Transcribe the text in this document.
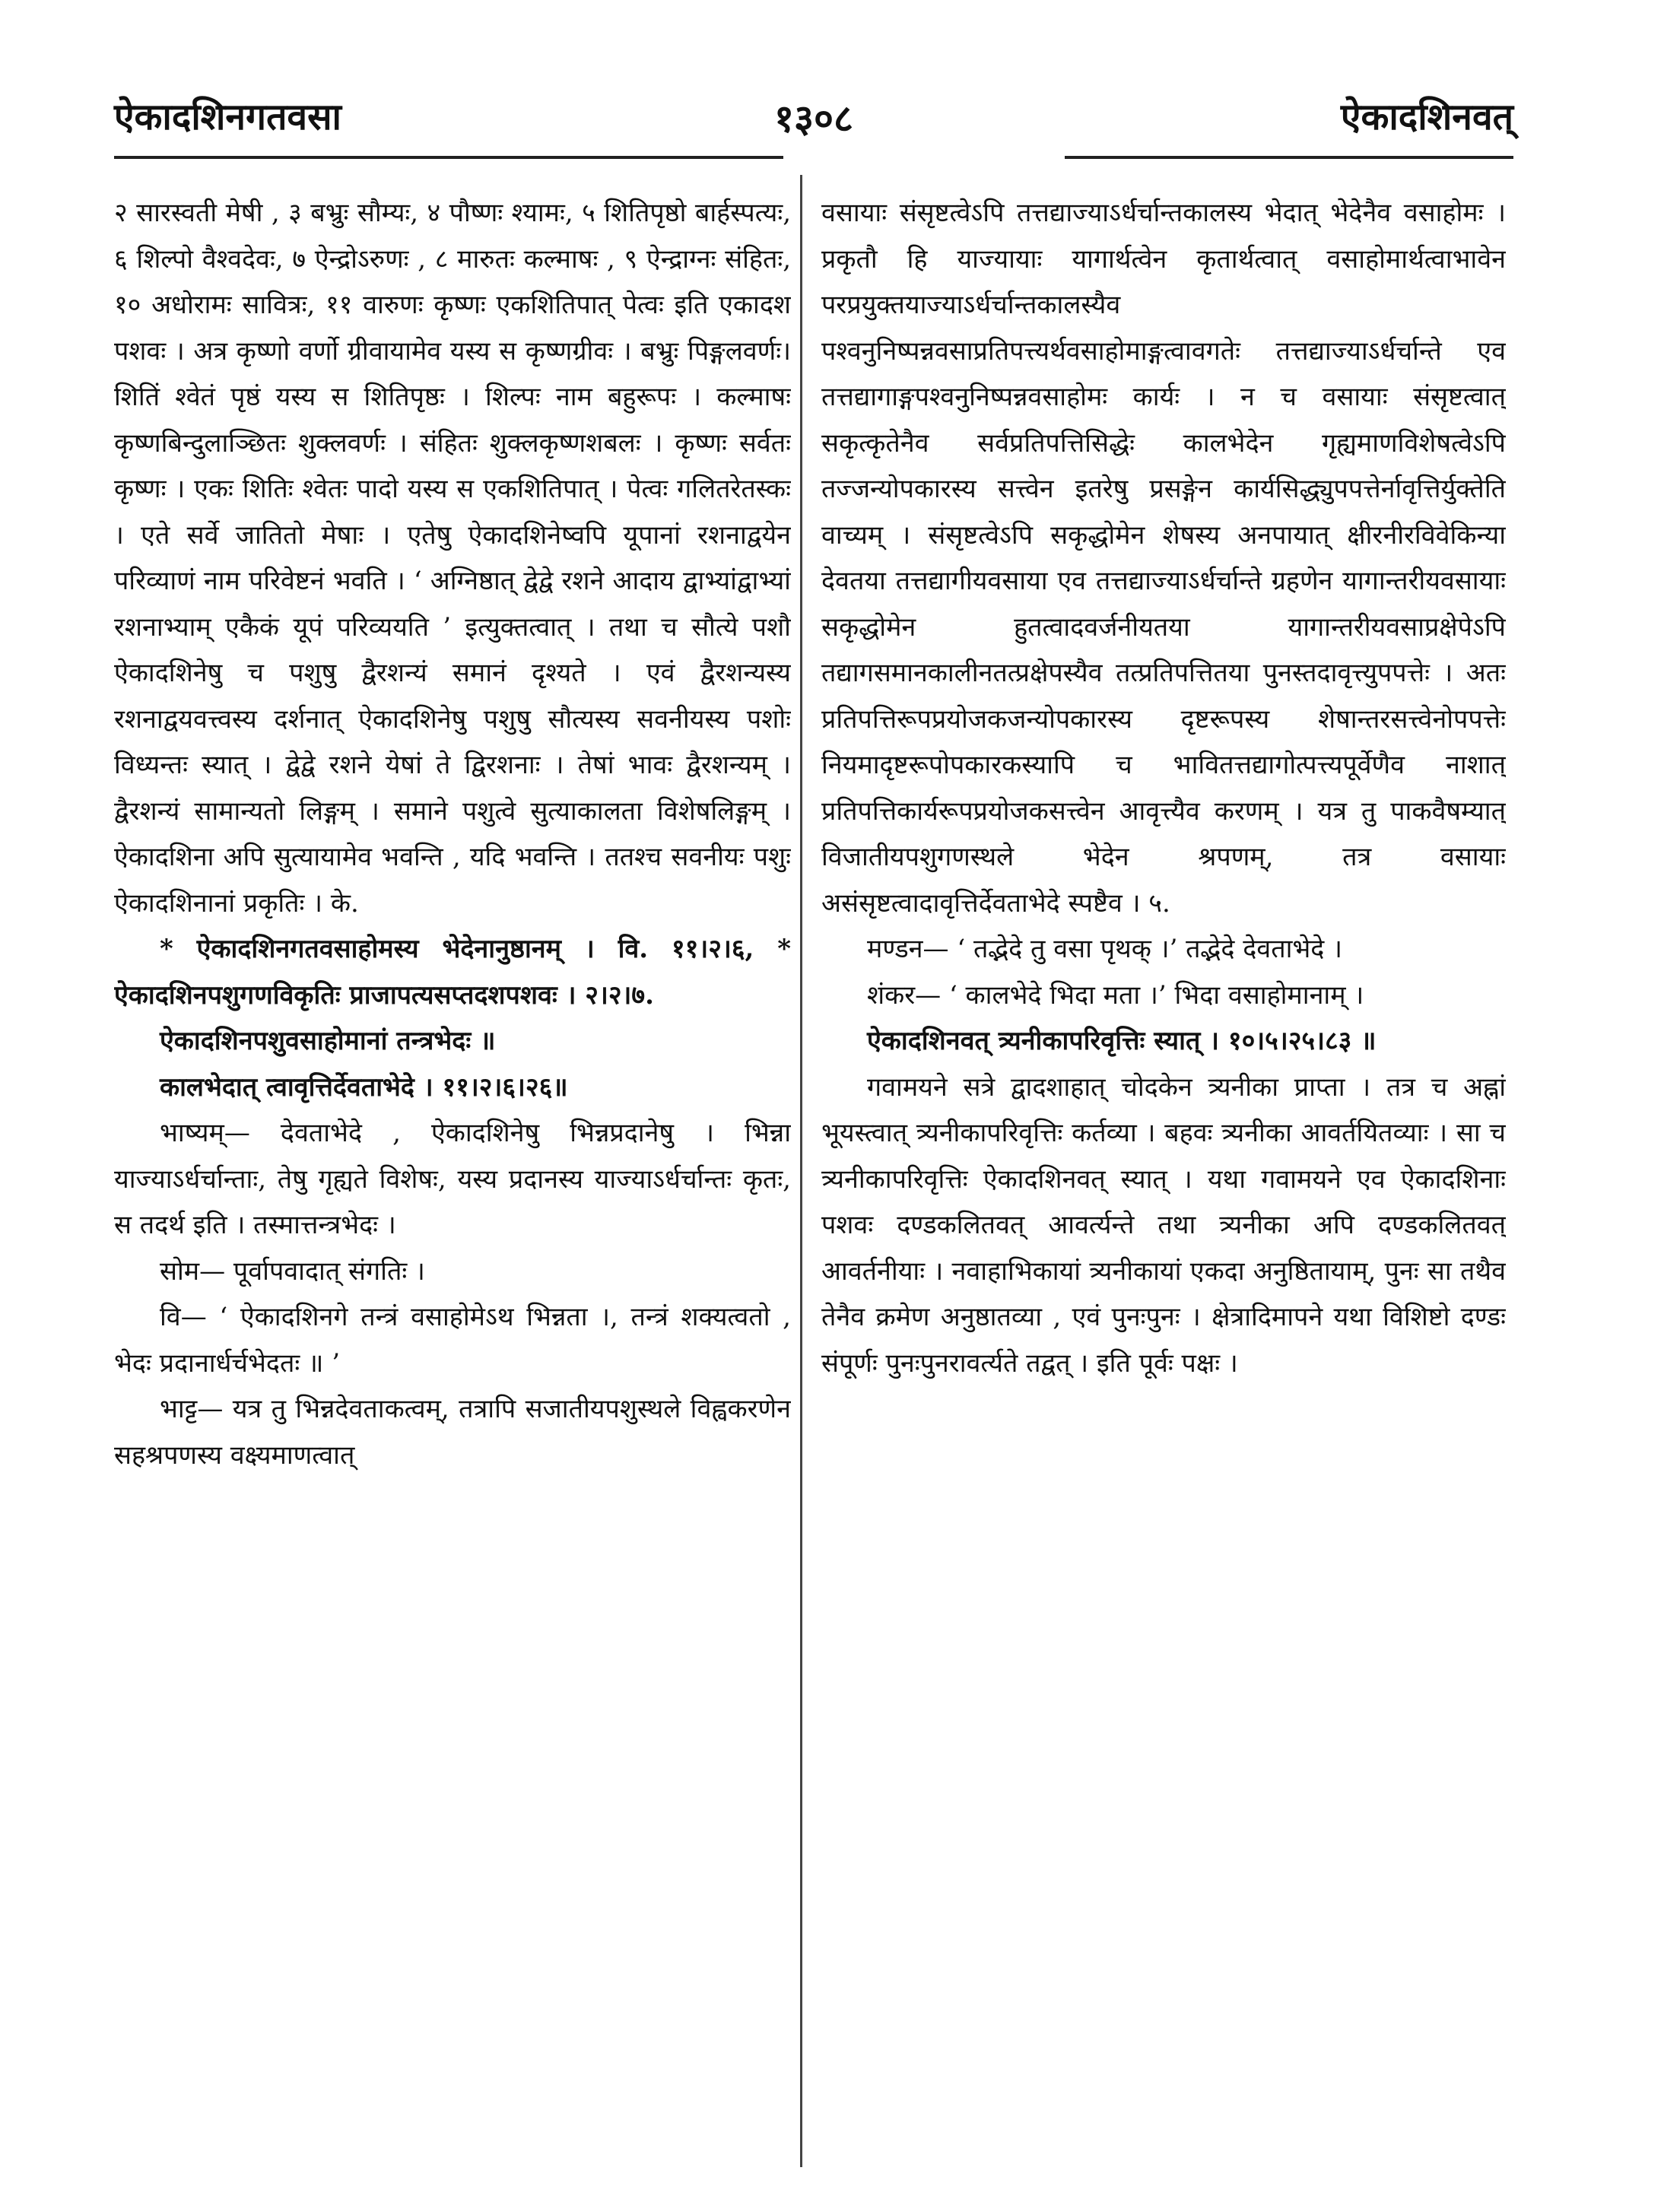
१३०८
ऐकादशिनगतवसा	ऐकादशिनवत्

२ सारस्वती मेषी , ३ बभ्रुः सौम्यः, ४ पौष्णः श्यामः, ५ शितिपृष्ठो बार्हस्पत्यः, ६ शिल्पो वैश्वदेवः, ७ ऐन्द्रोऽरुणः , ८ मारुतः कल्माषः , ९ ऐन्द्राग्नः संहितः, १० अधोरामः सावित्रः, ११ वारुणः कृष्णः एकशितिपात् पेत्वः इति एकादश पशवः । अत्र कृष्णो वर्णो ग्रीवायामेव यस्य स कृष्णग्रीवः । बभ्रुः पिङ्गलवर्णः। शितिं श्वेतं पृष्ठं यस्य स शितिपृष्ठः । शिल्पः नाम बहुरूपः । कल्माषः कृष्णबिन्दुलाञ्छितः शुक्लवर्णः । संहितः शुक्लकृष्णशबलः । कृष्णः सर्वतः कृष्णः । एकः शितिः श्वेतः पादो यस्य स एकशितिपात् । पेत्वः गलितरेतस्कः । एते सर्वे जातितो मेषाः । एतेषु ऐकादशिनेष्वपि यूपानां रशनाद्वयेन परिव्याणं नाम परिवेष्टनं भवति । ‘ अग्निष्ठात् द्वेद्वे रशने आदाय द्वाभ्यांद्वाभ्यां रशनाभ्याम् एकैकं यूपं परिव्ययति ’ इत्युक्तत्वात् । तथा च सौत्ये पशौ ऐकादशिनेषु च पशुषु द्वैरशन्यं समानं दृश्यते । एवं द्वैरशन्यस्य रशनाद्वयवत्त्वस्य दर्शनात् ऐकादशिनेषु पशुषु सौत्यस्य सवनीयस्य पशोः विध्यन्तः स्यात् । द्वेद्वे रशने येषां ते द्विरशनाः । तेषां भावः द्वैरशन्यम् । द्वैरशन्यं सामान्यतो लिङ्गम् । समाने पशुत्वे सुत्याकालता विशेषलिङ्गम् । ऐकादशिना अपि सुत्यायामेव भवन्ति , यदि भवन्ति । ततश्च सवनीयः पशुः ऐकादशिनानां प्रकृतिः । के.

* ऐकादशिनगतवसाहोमस्य भेदेनानुष्ठानम् । वि. ११।२।६, * ऐकादशिनपशुगणविकृतिः प्राजापत्यसप्तदशपशवः । २।२।७.

ऐकादशिनपशुवसाहोमानां तन्त्रभेदः ॥

कालभेदात् त्वावृत्तिर्देवताभेदे । ११।२।६।२६॥

भाष्यम्— देवताभेदे , ऐकादशिनेषु भिन्नप्रदानेषु । भिन्ना याज्याऽर्धर्चान्ताः, तेषु गृह्यते विशेषः, यस्य प्रदानस्य याज्याऽर्धर्चान्तः कृतः, स तदर्थ इति । तस्मात्तन्त्रभेदः ।

सोम— पूर्वापवादात् संगतिः ।

वि— ‘ ऐकादशिनगे तन्त्रं वसाहोमेऽथ भिन्नता ।, तन्त्रं शक्यत्वतो , भेदः प्रदानार्धर्चभेदतः ॥ ’

भाट्ट— यत्र तु भिन्नदेवताकत्वम्, तत्रापि सजातीयपशुस्थले विह्वकरणेन सहश्रपणस्य वक्ष्यमाणत्वात्

वसायाः संसृष्टत्वेऽपि तत्तद्याज्याऽर्धर्चान्तकालस्य भेदात् भेदेनैव वसाहोमः । प्रकृतौ हि याज्यायाः यागार्थत्वेन कृतार्थत्वात् वसाहोमार्थत्वाभावेन परप्रयुक्तयाज्याऽर्धर्चान्तकालस्यैव पश्वनुनिष्पन्नवसाप्रतिपत्त्यर्थवसाहोमाङ्गत्वावगतेः तत्तद्याज्याऽर्धर्चान्ते एव तत्तद्यागाङ्गपश्वनुनिष्पन्नवसाहोमः कार्यः । न च वसायाः संसृष्टत्वात् सकृत्कृतेनैव सर्वप्रतिपत्तिसिद्धेः कालभेदेन गृह्यमाणविशेषत्वेऽपि तज्जन्योपकारस्य सत्त्वेन इतरेषु प्रसङ्गेन कार्यसिद्ध्युपपत्तेर्नावृत्तिर्युक्तेति वाच्यम् । संसृष्टत्वेऽपि सकृद्धोमेन शेषस्य अनपायात् क्षीरनीरविवेकिन्या देवतया तत्तद्यागीयवसाया एव तत्तद्याज्याऽर्धर्चान्ते ग्रहणेन यागान्तरीयवसायाः सकृद्धोमेन हुतत्वादवर्जनीयतया यागान्तरीयवसाप्रक्षेपेऽपि तद्यागसमानकालीनतत्प्रक्षेपस्यैव तत्प्रतिपत्तितया पुनस्तदावृत्त्युपपत्तेः । अतः प्रतिपत्तिरूपप्रयोजकजन्योपकारस्य दृष्टरूपस्य शेषान्तरसत्त्वेनोपपत्तेः नियमादृष्टरूपोपकारकस्यापि च भावितत्तद्यागोत्पत्त्यपूर्वेणैव नाशात् प्रतिपत्तिकार्यरूपप्रयोजकसत्त्वेन आवृत्त्यैव करणम् । यत्र तु पाकवैषम्यात् विजातीयपशुगणस्थले भेदेन श्रपणम्, तत्र वसायाः असंसृष्टत्वादावृत्तिर्देवताभेदे स्पष्टैव । ५.

मण्डन— ‘ तद्भेदे तु वसा पृथक् ।’ तद्भेदे देवताभेदे ।

शंकर— ‘ कालभेदे भिदा मता ।’ भिदा वसाहोमानाम् ।

ऐकादशिनवत् त्र्यनीकापरिवृत्तिः स्यात् । १०।५।२५।८३ ॥

गवामयने सत्रे द्वादशाहात् चोदकेन त्र्यनीका प्राप्ता । तत्र च अह्नां भूयस्त्वात् त्र्यनीकापरिवृत्तिः कर्तव्या । बहवः त्र्यनीका आवर्तयितव्याः । सा च त्र्यनीकापरिवृत्तिः ऐकादशिनवत् स्यात् । यथा गवामयने एव ऐकादशिनाः पशवः दण्डकलितवत् आवर्त्यन्ते तथा त्र्यनीका अपि दण्डकलितवत् आवर्तनीयाः । नवाहाभिकायां त्र्यनीकायां एकदा अनुष्ठितायाम्, पुनः सा तथैव तेनैव क्रमेण अनुष्ठातव्या , एवं पुनःपुनः । क्षेत्रादिमापने यथा विशिष्टो दण्डः संपूर्णः पुनःपुनरावर्त्यते तद्वत् । इति पूर्वः पक्षः ।
